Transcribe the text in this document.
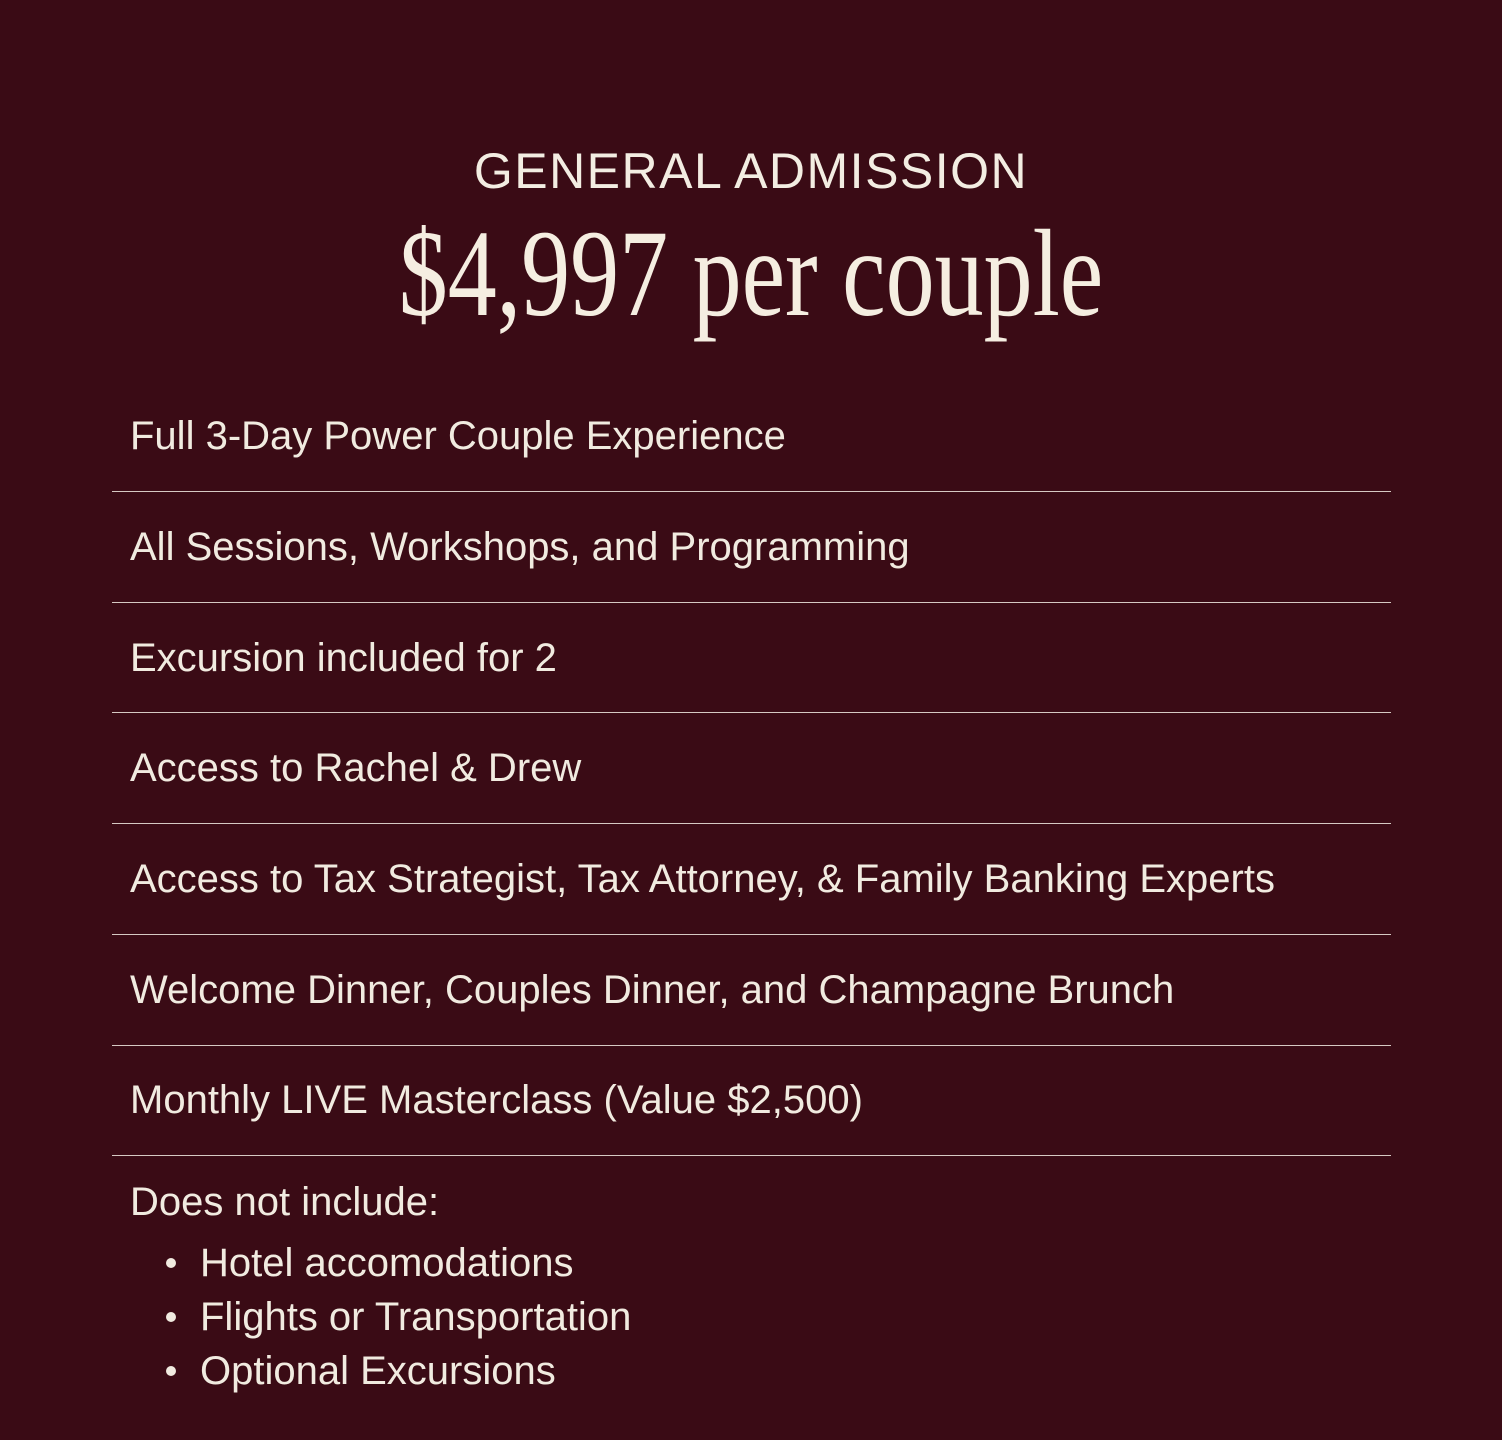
GENERAL ADMISSION
$4,997 per couple
Full 3-Day Power Couple Experience
All Sessions, Workshops, and Programming
Excursion included for 2
Access to Rachel & Drew
Access to Tax Strategist, Tax Attorney, & Family Banking Experts
Welcome Dinner, Couples Dinner, and Champagne Brunch
Monthly LIVE Masterclass (Value $2,500)
Does not include:
Hotel accomodations
Flights or Transportation
Optional Excursions
